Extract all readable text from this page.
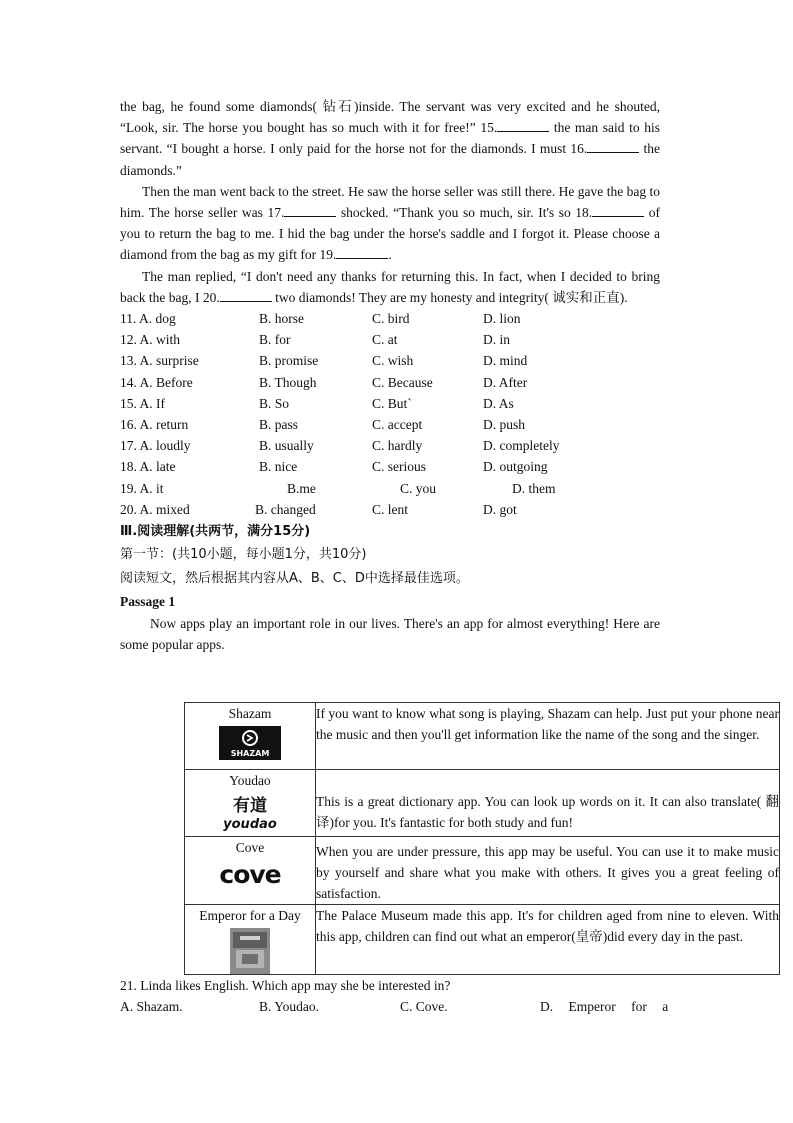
the bag, he found some diamonds( 钻石)inside. The servant was very excited and he shouted, “Look, sir. The horse you bought has so much with it for free!” 15.	the man said to his servant. “I bought a horse. I only paid for the horse not for the diamonds. I must 16.	the diamonds.”

Then the man went back to the street. He saw the horse seller was still there. He gave the bag to him. The horse seller was 17.	shocked. “Thank you so much, sir. It's so 18.	of you to return the bag to me. I hid the bag under the horse's saddle and I forgot it. Please choose a diamond from the bag as my gift for 19.	.

The man replied, “I don't need any thanks for returning this. In fact, when I decided to bring back the bag, I 20.	two diamonds! They are my honesty and integrity( 诚实和正直).

11. A. dog	B. horse	C. bird	D. lion
12. A. with	B. for	C. at	D. in
13. A. surprise	B. promise	C. wish	D. mind
14. A. Before	B. Though	C. Because	D. After
15. A. If	B. So	C. But`	D. As
16. A. return	B. pass	C. accept	D. push
17. A. loudly	B. usually	C. hardly	D. completely
18. A. late	B. nice	C. serious	D. outgoing
19. A. it	B.me	C. you	D. them
20. A. mixed	B. changed	C. lent	D. got
Ⅲ.阅读理解(共两节，满分15分)
第一节：(共10小题，每小题1分，共10分)
阅读短文，然后根据其内容从A、B、C、D中选择最佳选项。
Passage 1

Now apps play an important role in our lives. There's an app for almost everything! Here are some popular apps.

Shazam
SHAZAM	If you want to know what song is playing, Shazam can help. Just put your phone near the music and then you'll get information like the name of the song and the singer.

Youdao
有道
youdao	This is a great dictionary app. You can look up words on it. It can also translate( 翻译)for you. It's fantastic for both study and fun!

Cove
cove	When you are under pressure, this app may be useful. You can use it to make music by yourself and share what you make with others. It gives you a great feeling of satisfaction.

Emperor for a Day	The Palace Museum made this app. It's for children aged from nine to eleven. With this app, children can find out what an emperor(皇帝)did every day in the past.
21. Linda likes English. Which app may she be interested in?
A. Shazam.	B. Youdao.	C. Cove.	D. Emperor for a
